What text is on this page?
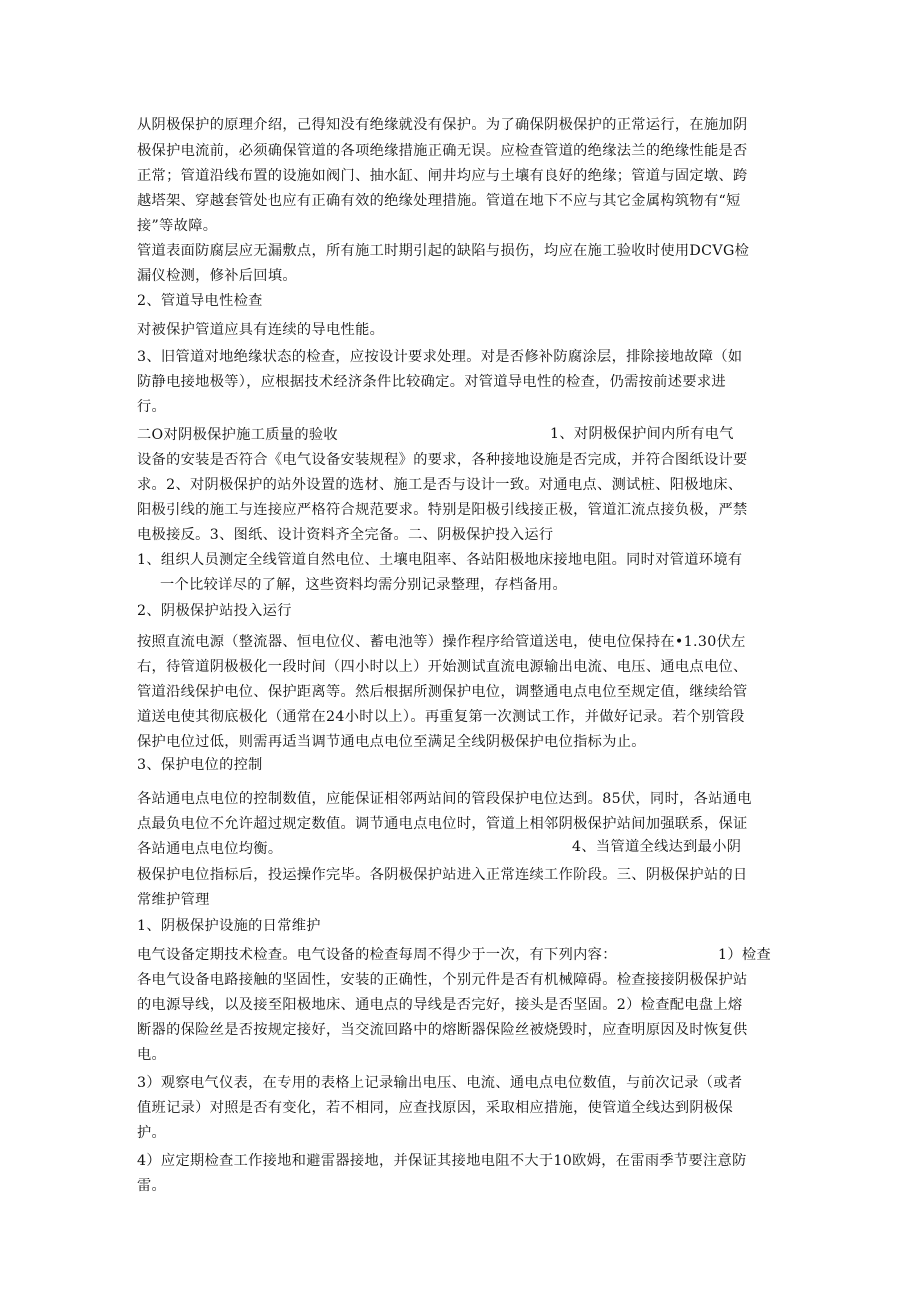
从阴极保护的原理介绍，己得知没有绝缘就没有保护。为了确保阴极保护的正常运行，在施加阴

极保护电流前，必须确保管道的各项绝缘措施正确无误。应检查管道的绝缘法兰的绝缘性能是否

正常；管道沿线布置的设施如阀门、抽水缸、闸井均应与土壤有良好的绝缘；管道与固定墩、跨

越塔架、穿越套管处也应有正确有效的绝缘处理措施。管道在地下不应与其它金属构筑物有“短

接”等故障。

管道表面防腐层应无漏敷点，所有施工时期引起的缺陷与损伤，均应在施工验收时使用DCVG检

漏仪检测，修补后回填。

2、管道导电性检查

对被保护管道应具有连续的导电性能。

3、旧管道对地绝缘状态的检查，应按设计要求处理。对是否修补防腐涂层，排除接地故障（如

防静电接地极等），应根据技术经济条件比较确定。对管道导电性的检查，仍需按前述要求进

行。

二O对阴极保护施工质量的验收	1、对阴极保护间内所有电气

设备的安装是否符合《电气设备安装规程》的要求，各种接地设施是否完成，并符合图纸设计要

求。2、对阴极保护的站外设置的选材、施工是否与设计一致。对通电点、测试桩、阳极地床、

阳极引线的施工与连接应严格符合规范要求。特别是阳极引线接正极，管道汇流点接负极，严禁

电极接反。3、图纸、设计资料齐全完备。二、阴极保护投入运行

1、组织人员测定全线管道自然电位、土壤电阻率、各站阳极地床接地电阻。同时对管道环境有

一个比较详尽的了解，这些资料均需分别记录整理，存档备用。

2、阴极保护站投入运行

按照直流电源（整流器、恒电位仪、蓄电池等）操作程序给管道送电，使电位保持在•1.30伏左

右，待管道阴极极化一段时间（四小时以上）开始测试直流电源输出电流、电压、通电点电位、

管道沿线保护电位、保护距离等。然后根据所测保护电位，调整通电点电位至规定值，继续给管

道送电使其彻底极化（通常在24小时以上）。再重复第一次测试工作，并做好记录。若个别管段

保护电位过低，则需再适当调节通电点电位至满足全线阴极保护电位指标为止。

3、保护电位的控制

各站通电点电位的控制数值，应能保证相邻两站间的管段保护电位达到。85伏，同时，各站通电

点最负电位不允许超过规定数值。调节通电点电位时，管道上相邻阴极保护站间加强联系，保证

各站通电点电位均衡。	4、当管道全线达到最小阴

极保护电位指标后，投运操作完毕。各阴极保护站进入正常连续工作阶段。三、阴极保护站的日

常维护管理

1、阴极保护设施的日常维护

电气设备定期技术检查。电气设备的检查每周不得少于一次，有下列内容：	1）检查

各电气设备电路接触的坚固性，安装的正确性，个别元件是否有机械障碍。检查接接阴极保护站

的电源导线，以及接至阳极地床、通电点的导线是否完好，接头是否坚固。2）检查配电盘上熔

断器的保险丝是否按规定接好，当交流回路中的熔断器保险丝被烧毁时，应查明原因及时恢复供

电。

3）观察电气仪表，在专用的表格上记录输出电压、电流、通电点电位数值，与前次记录（或者

值班记录）对照是否有变化，若不相同，应查找原因，采取相应措施，使管道全线达到阴极保

护。

4）应定期检查工作接地和避雷器接地，并保证其接地电阻不大于10欧姆，在雷雨季节要注意防

雷。
